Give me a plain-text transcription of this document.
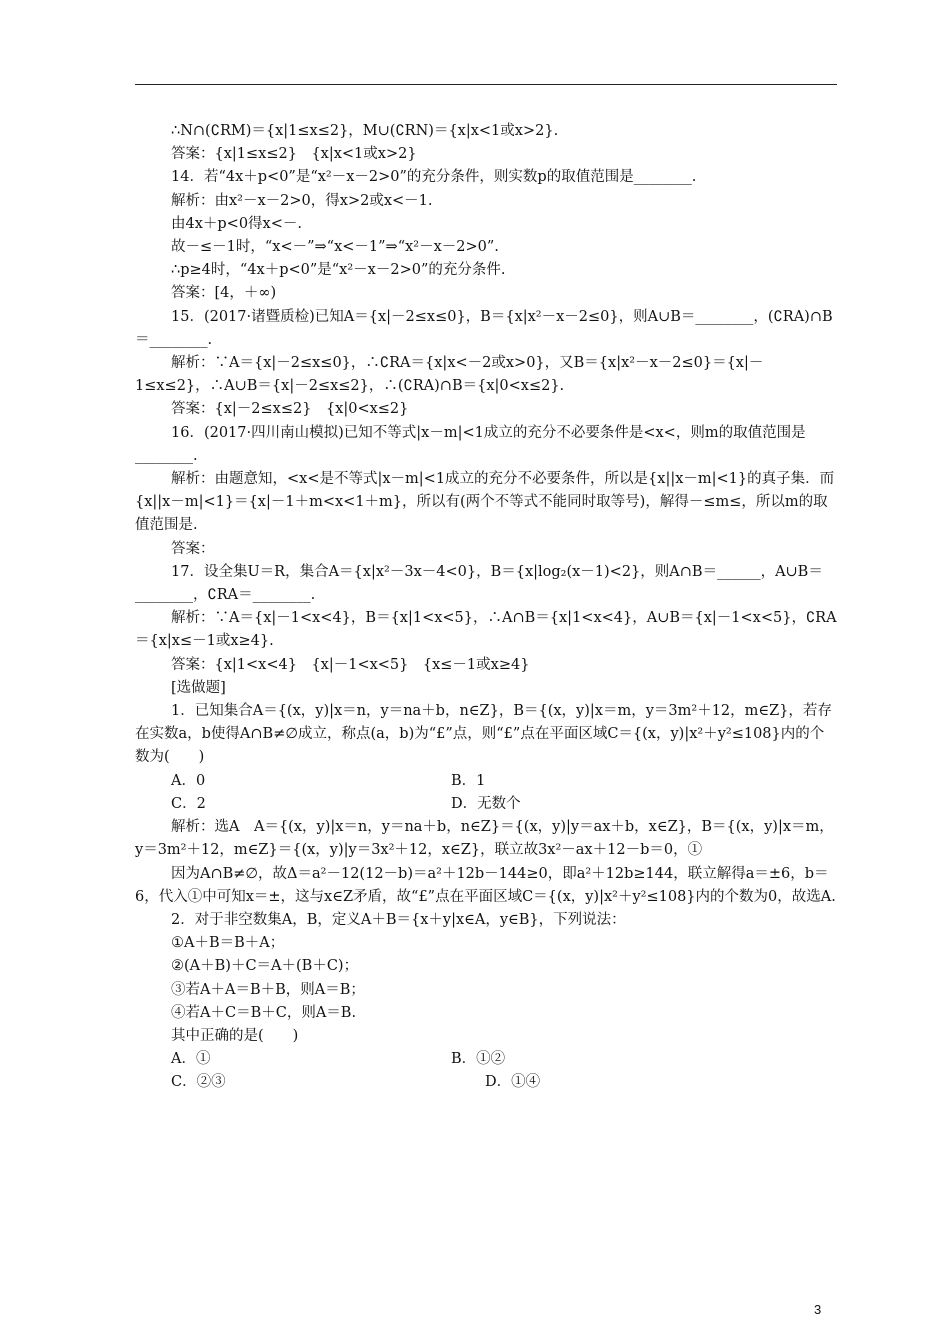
∴N∩(∁RM)＝{x|1≤x≤2}，M∪(∁RN)＝{x|x<1或x>2}.

答案：{x|1≤x≤2}　{x|x<1或x>2}

14．若“4x＋p<0”是“x²－x－2>0”的充分条件，则实数p的取值范围是________.

解析：由x²－x－2>0，得x>2或x<－1.

由4x＋p<0得x<－.

故－≤－1时，“x<－”⇒“x<－1”⇒“x²－x－2>0”.

∴p≥4时，“4x＋p<0”是“x²－x－2>0”的充分条件.

答案：[4，＋∞)

15．(2017·诸暨质检)已知A＝{x|－2≤x≤0}，B＝{x|x²－x－2≤0}，则A∪B＝________，(∁RA)∩B＝________.

解析：∵A＝{x|－2≤x≤0}，∴∁RA＝{x|x<－2或x>0}，又B＝{x|x²－x－2≤0}＝{x|－1≤x≤2}，∴A∪B＝{x|－2≤x≤2}，∴(∁RA)∩B＝{x|0<x≤2}.

答案：{x|－2≤x≤2}　{x|0<x≤2}

16．(2017·四川南山模拟)已知不等式|x－m|<1成立的充分不必要条件是<x<，则m的取值范围是________.

解析：由题意知，<x<是不等式|x－m|<1成立的充分不必要条件，所以是{x||x－m|<1}的真子集．而{x||x－m|<1}＝{x|－1＋m<x<1＋m}，所以有(两个不等式不能同时取等号)，解得－≤m≤，所以m的取值范围是.

答案：

17．设全集U＝R，集合A＝{x|x²－3x－4<0}，B＝{x|log₂(x－1)<2}，则A∩B＝______，A∪B＝________，∁RA＝________.

解析：∵A＝{x|－1<x<4}，B＝{x|1<x<5}，∴A∩B＝{x|1<x<4}，A∪B＝{x|－1<x<5}，∁RA＝{x|x≤－1或x≥4}.

答案：{x|1<x<4}　{x|－1<x<5}　{x≤－1或x≥4}

[选做题]

1．已知集合A＝{(x，y)|x＝n，y＝na＋b，n∈Z}，B＝{(x，y)|x＝m，y＝3m²＋12，m∈Z}，若存在实数a，b使得A∩B≠∅成立，称点(a，b)为“£”点，则“£”点在平面区域C＝{(x，y)|x²＋y²≤108}内的个数为(　　)

A．0	B．1
C．2	D．无数个

解析：选A　A＝{(x，y)|x＝n，y＝na＋b，n∈Z}＝{(x，y)|y＝ax＋b，x∈Z}，B＝{(x，y)|x＝m，y＝3m²＋12，m∈Z}＝{(x，y)|y＝3x²＋12，x∈Z}，联立故3x²－ax＋12－b＝0，①

因为A∩B≠∅，故Δ＝a²－12(12－b)＝a²＋12b－144≥0，即a²＋12b≥144，联立解得a＝±6，b＝6，代入①中可知x＝±，这与x∈Z矛盾，故“£”点在平面区域C＝{(x，y)|x²＋y²≤108}内的个数为0，故选A.

2．对于非空数集A，B，定义A＋B＝{x＋y|x∈A，y∈B}，下列说法：

①A＋B＝B＋A；

②(A＋B)＋C＝A＋(B＋C)；

③若A＋A＝B＋B，则A＝B；

④若A＋C＝B＋C，则A＝B.

其中正确的是(　　)

A．①	B．①②
C．②③	D．①④
3
